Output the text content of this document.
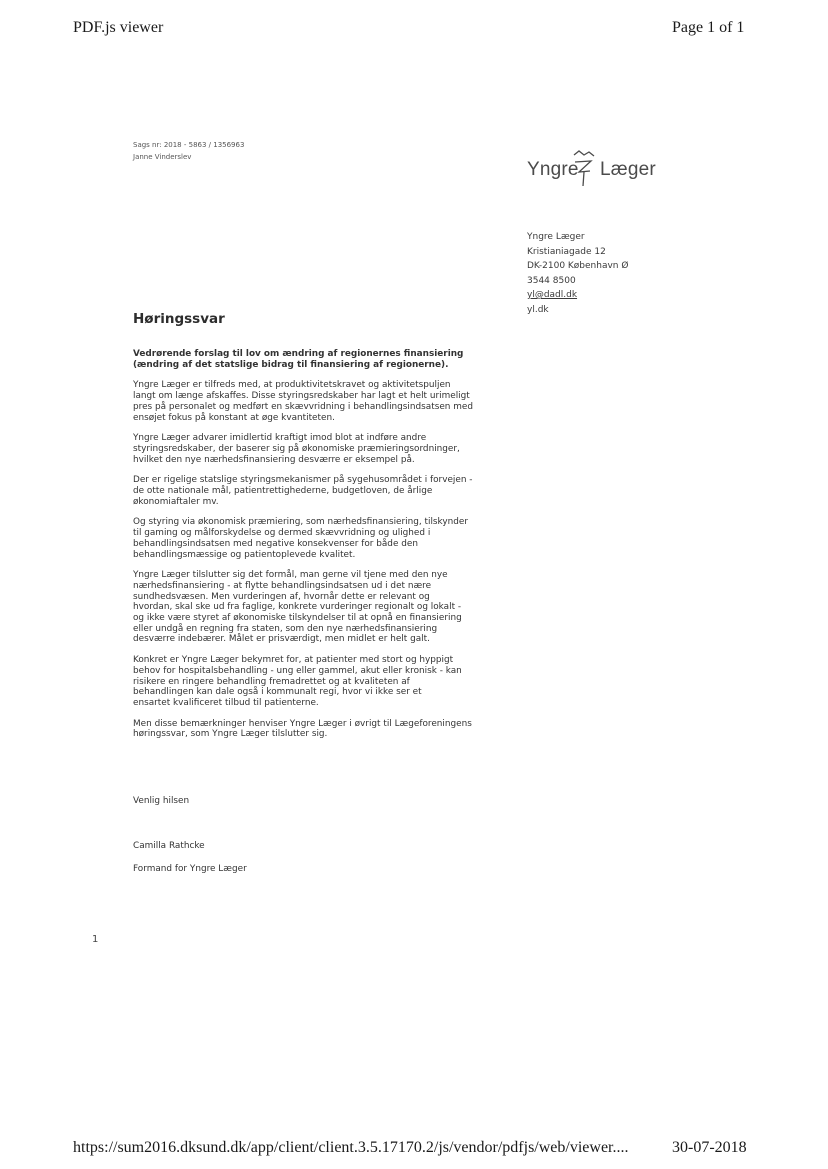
PDF.js viewer	Page 1 of 1
Sags nr: 2018 - 5863 / 1356963
Janne Vinderslev
Yngre Læger
Yngre Læger
Kristianiagade 12
DK-2100 København Ø
3544 8500
yl@dadl.dk
yl.dk
Høringssvar
Vedrørende forslag til lov om ændring af regionernes finansiering
(ændring af det statslige bidrag til finansiering af regionerne).
Yngre Læger er tilfreds med, at produktivitetskravet og aktivitetspuljen
langt om længe afskaffes. Disse styringsredskaber har lagt et helt urimeligt
pres på personalet og medført en skævvridning i behandlingsindsatsen med
ensøjet fokus på konstant at øge kvantiteten.
Yngre Læger advarer imidlertid kraftigt imod blot at indføre andre
styringsredskaber, der baserer sig på økonomiske præmieringsordninger,
hvilket den nye nærhedsfinansiering desværre er eksempel på.
Der er rigelige statslige styringsmekanismer på sygehusområdet i forvejen -
de otte nationale mål, patientrettighederne, budgetloven, de årlige
økonomiaftaler mv.
Og styring via økonomisk præmiering, som nærhedsfinansiering, tilskynder
til gaming og målforskydelse og dermed skævvridning og ulighed i
behandlingsindsatsen med negative konsekvenser for både den
behandlingsmæssige og patientoplevede kvalitet.
Yngre Læger tilslutter sig det formål, man gerne vil tjene med den nye
nærhedsfinansiering - at flytte behandlingsindsatsen ud i det nære
sundhedsvæsen. Men vurderingen af, hvornår dette er relevant og
hvordan, skal ske ud fra faglige, konkrete vurderinger regionalt og lokalt -
og ikke være styret af økonomiske tilskyndelser til at opnå en finansiering
eller undgå en regning fra staten, som den nye nærhedsfinansiering
desværre indebærer. Målet er prisværdigt, men midlet er helt galt.
Konkret er Yngre Læger bekymret for, at patienter med stort og hyppigt
behov for hospitalsbehandling - ung eller gammel, akut eller kronisk - kan
risikere en ringere behandling fremadrettet og at kvaliteten af
behandlingen kan dale også i kommunalt regi, hvor vi ikke ser et
ensartet kvalificeret tilbud til patienterne.
Men disse bemærkninger henviser Yngre Læger i øvrigt til Lægeforeningens
høringssvar, som Yngre Læger tilslutter sig.
Venlig hilsen
Camilla Rathcke
Formand for Yngre Læger
1
https://sum2016.dksund.dk/app/client/client.3.5.17170.2/js/vendor/pdfjs/web/viewer....	30-07-2018
